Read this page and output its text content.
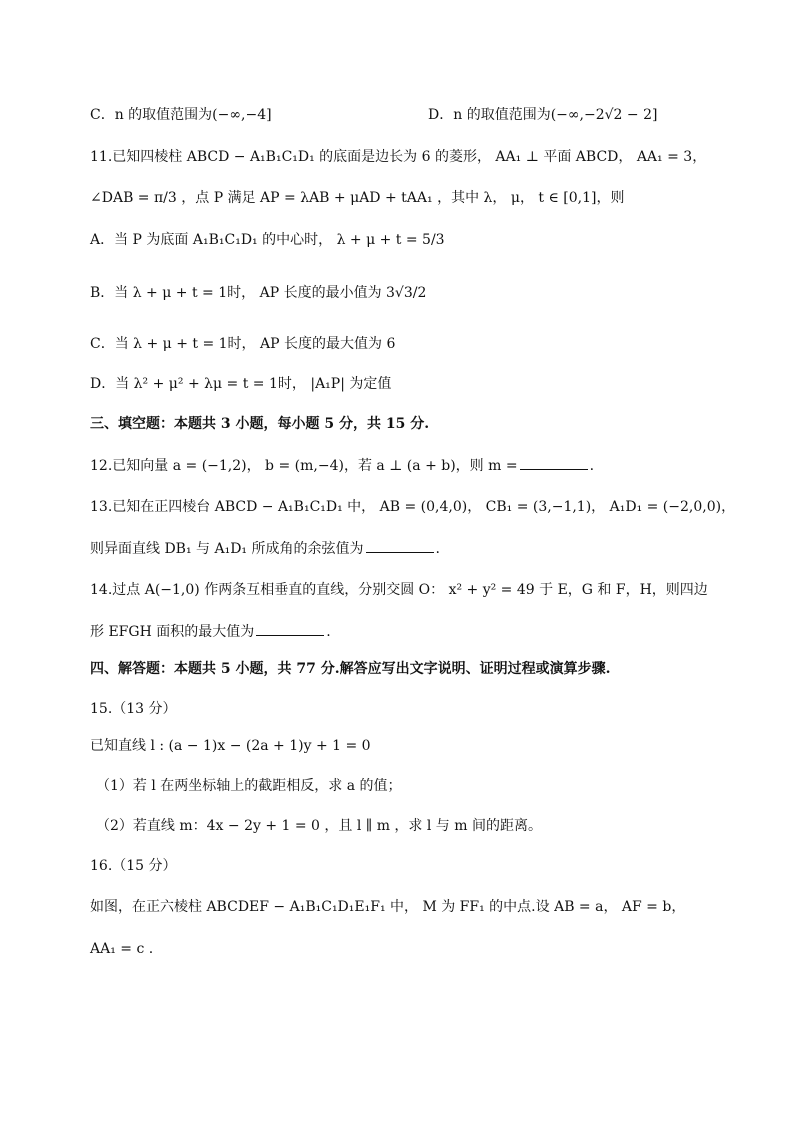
C．n 的取值范围为(−∞,−4]	D．n 的取值范围为(−∞,−2√2 − 2]
11.已知四棱柱 ABCD − A₁B₁C₁D₁ 的底面是边长为 6 的菱形， AA₁ ⊥ 平面 ABCD， AA₁ = 3，
∠DAB = π/3 ，点 P 满足 AP = λAB + μAD + tAA₁ ，其中 λ， μ， t ∈ [0,1]，则
A．当 P 为底面 A₁B₁C₁D₁ 的中心时， λ + μ + t = 5/3
B．当 λ + μ + t = 1时， AP 长度的最小值为 3√3/2
C．当 λ + μ + t = 1时， AP 长度的最大值为 6
D．当 λ² + μ² + λμ = t = 1时， |A₁P| 为定值
三、填空题：本题共 3 小题，每小题 5 分，共 15 分.
12.已知向量 a = (−1,2)， b = (m,−4)，若 a ⊥ (a + b)，则 m =	.
13.已知在正四棱台 ABCD − A₁B₁C₁D₁ 中， AB = (0,4,0)， CB₁ = (3,−1,1)， A₁D₁ = (−2,0,0)，
则异面直线 DB₁ 与 A₁D₁ 所成角的余弦值为	.
14.过点 A(−1,0) 作两条互相垂直的直线，分别交圆 O： x² + y² = 49 于 E，G 和 F，H，则四边
形 EFGH 面积的最大值为	.
四、解答题：本题共 5 小题，共 77 分.解答应写出文字说明、证明过程或演算步骤.
15.（13 分）
已知直线 l : (a − 1)x − (2a + 1)y + 1 = 0
（1）若 l 在两坐标轴上的截距相反，求 a 的值；
（2）若直线 m：4x − 2y + 1 = 0 ，且 l ∥ m ，求 l 与 m 间的距离。
16.（15 分）
如图，在正六棱柱 ABCDEF − A₁B₁C₁D₁E₁F₁ 中， M 为 FF₁ 的中点.设 AB = a， AF = b，
AA₁ = c .
